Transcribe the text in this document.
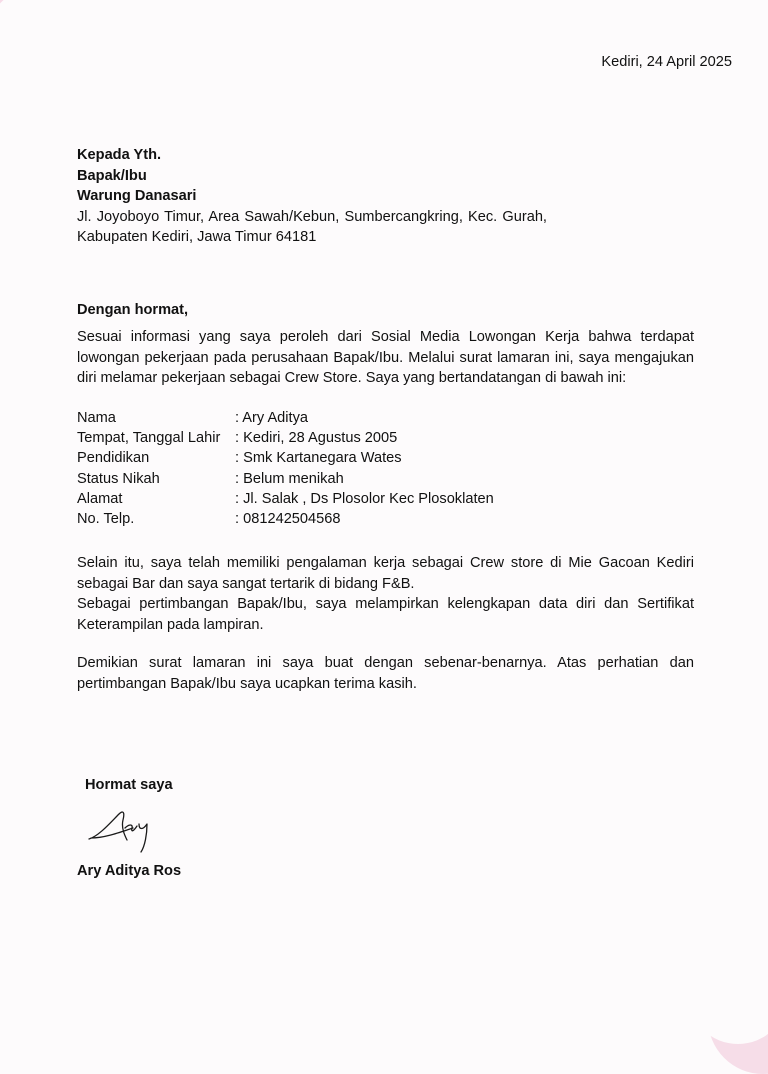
Kediri, 24 April 2025
Kepada Yth.
Bapak/Ibu
Warung Danasari
Jl. Joyoboyo Timur, Area Sawah/Kebun, Sumbercangkring, Kec. Gurah, Kabupaten Kediri, Jawa Timur 64181
Dengan hormat,
Sesuai informasi yang saya peroleh dari Sosial Media Lowongan Kerja bahwa terdapat lowongan pekerjaan pada perusahaan Bapak/Ibu. Melalui surat lamaran ini, saya mengajukan diri melamar pekerjaan sebagai Crew Store. Saya yang bertandatangan di bawah ini:
Nama	: Ary Aditya
Tempat, Tanggal Lahir	: Kediri, 28 Agustus 2005
Pendidikan	: Smk Kartanegara Wates
Status Nikah	: Belum menikah
Alamat	: Jl. Salak , Ds Plosolor Kec Plosoklaten
No. Telp.	: 081242504568
Selain itu, saya telah memiliki pengalaman kerja sebagai Crew store di Mie Gacoan Kediri sebagai Bar dan saya sangat tertarik di bidang F&B.
Sebagai pertimbangan Bapak/Ibu, saya melampirkan kelengkapan data diri dan Sertifikat Keterampilan pada lampiran.
Demikian surat lamaran ini saya buat dengan sebenar-benarnya. Atas perhatian dan pertimbangan Bapak/Ibu saya ucapkan terima kasih.
Hormat saya
Ary Aditya Ros
